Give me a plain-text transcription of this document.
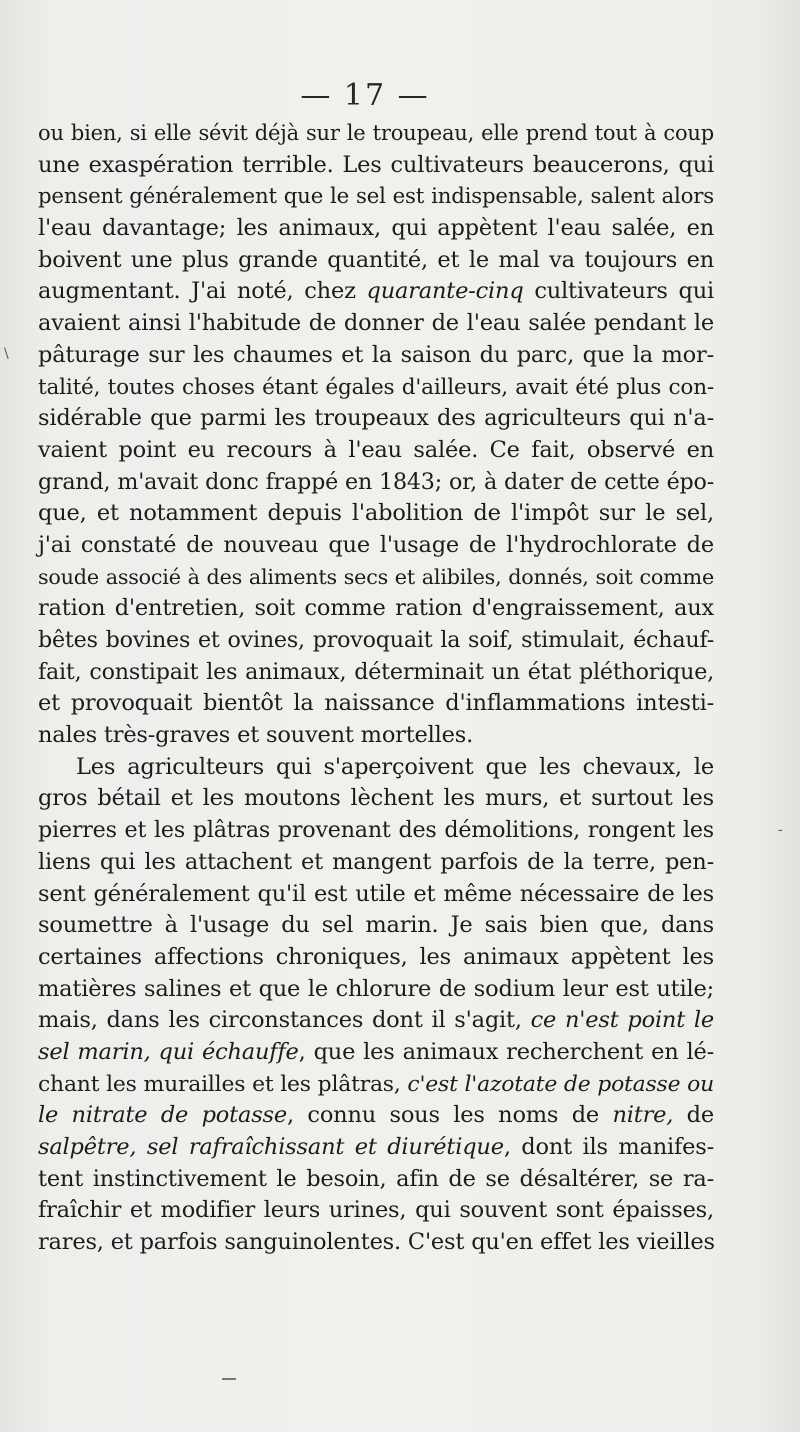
— 17 —
ou bien, si elle sévit déjà sur le troupeau, elle prend tout à coup
une exaspération terrible. Les cultivateurs beaucerons, qui
pensent généralement que le sel est indispensable, salent alors
l'eau davantage; les animaux, qui appètent l'eau salée, en
boivent une plus grande quantité, et le mal va toujours en
augmentant. J'ai noté, chez quarante-cinq cultivateurs qui
avaient ainsi l'habitude de donner de l'eau salée pendant le
pâturage sur les chaumes et la saison du parc, que la mor-
talité, toutes choses étant égales d'ailleurs, avait été plus con-
sidérable que parmi les troupeaux des agriculteurs qui n'a-
vaient point eu recours à l'eau salée. Ce fait, observé en
grand, m'avait donc frappé en 1843; or, à dater de cette épo-
que, et notamment depuis l'abolition de l'impôt sur le sel,
j'ai constaté de nouveau que l'usage de l'hydrochlorate de
soude associé à des aliments secs et alibiles, donnés, soit comme
ration d'entretien, soit comme ration d'engraissement, aux
bêtes bovines et ovines, provoquait la soif, stimulait, échauf-
fait, constipait les animaux, déterminait un état pléthorique,
et provoquait bientôt la naissance d'inflammations intesti-
nales très-graves et souvent mortelles.
Les agriculteurs qui s'aperçoivent que les chevaux, le
gros bétail et les moutons lèchent les murs, et surtout les
pierres et les plâtras provenant des démolitions, rongent les
liens qui les attachent et mangent parfois de la terre, pen-
sent généralement qu'il est utile et même nécessaire de les
soumettre à l'usage du sel marin. Je sais bien que, dans
certaines affections chroniques, les animaux appètent les
matières salines et que le chlorure de sodium leur est utile;
mais, dans les circonstances dont il s'agit, ce n'est point le
sel marin, qui échauffe, que les animaux recherchent en lé-
chant les murailles et les plâtras, c'est l'azotate de potasse ou
le nitrate de potasse, connu sous les noms de nitre, de
salpêtre, sel rafraîchissant et diurétique, dont ils manifes-
tent instinctivement le besoin, afin de se désaltérer, se ra-
fraîchir et modifier leurs urines, qui souvent sont épaisses,
rares, et parfois sanguinolentes. C'est qu'en effet les vieilles
\
-
